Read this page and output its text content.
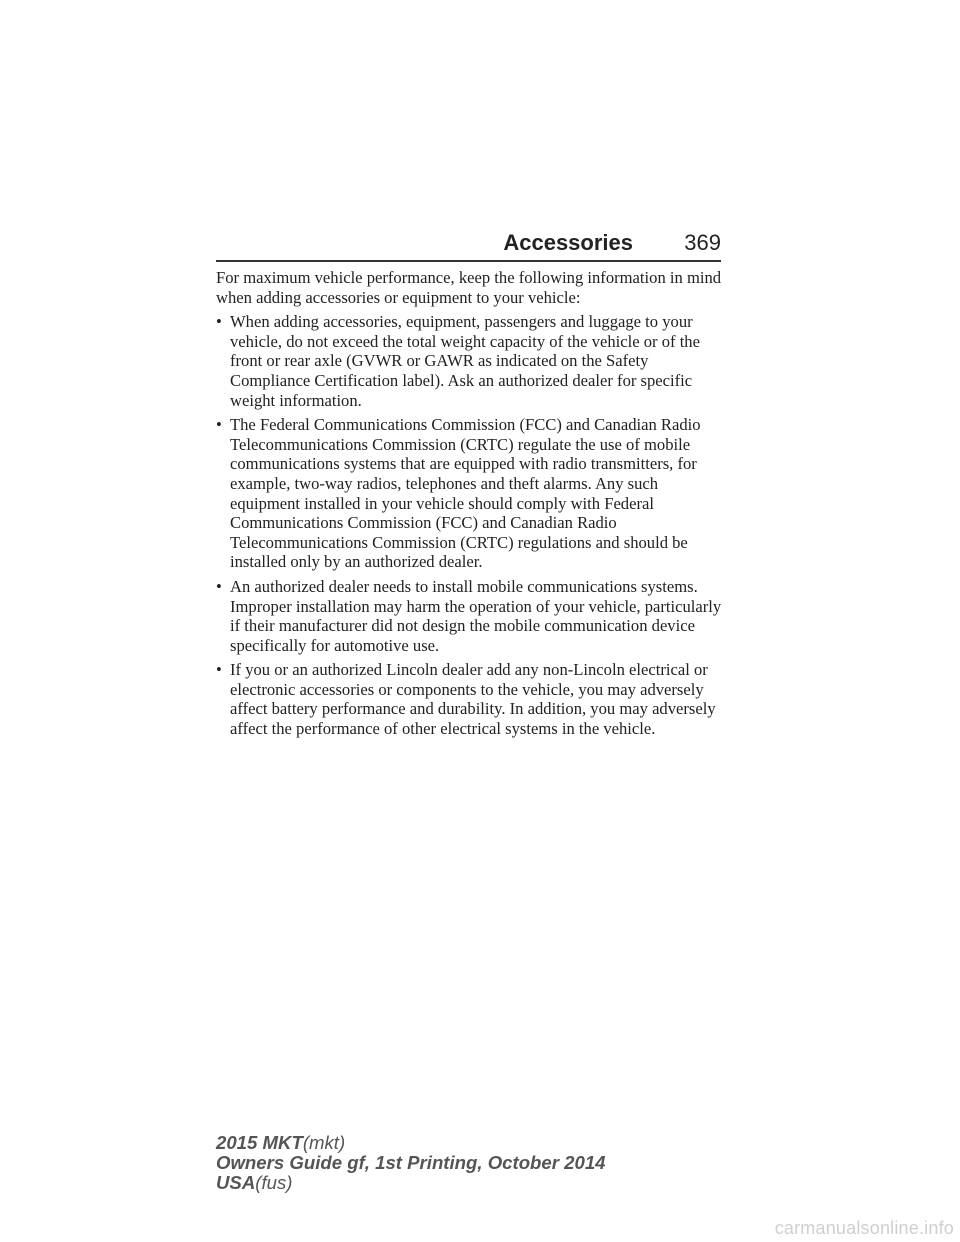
Accessories 369

For maximum vehicle performance, keep the following information in mind when adding accessories or equipment to your vehicle:

• When adding accessories, equipment, passengers and luggage to your vehicle, do not exceed the total weight capacity of the vehicle or of the front or rear axle (GVWR or GAWR as indicated on the Safety Compliance Certification label). Ask an authorized dealer for specific weight information.
• The Federal Communications Commission (FCC) and Canadian Radio Telecommunications Commission (CRTC) regulate the use of mobile communications systems that are equipped with radio transmitters, for example, two-way radios, telephones and theft alarms. Any such equipment installed in your vehicle should comply with Federal Communications Commission (FCC) and Canadian Radio Telecommunications Commission (CRTC) regulations and should be installed only by an authorized dealer.
• An authorized dealer needs to install mobile communications systems. Improper installation may harm the operation of your vehicle, particularly if their manufacturer did not design the mobile communication device specifically for automotive use.
• If you or an authorized Lincoln dealer add any non-Lincoln electrical or electronic accessories or components to the vehicle, you may adversely affect battery performance and durability. In addition, you may adversely affect the performance of other electrical systems in the vehicle.
2015 MKT(mkt)
Owners Guide gf, 1st Printing, October 2014
USA(fus)
carmanualsonline.info
